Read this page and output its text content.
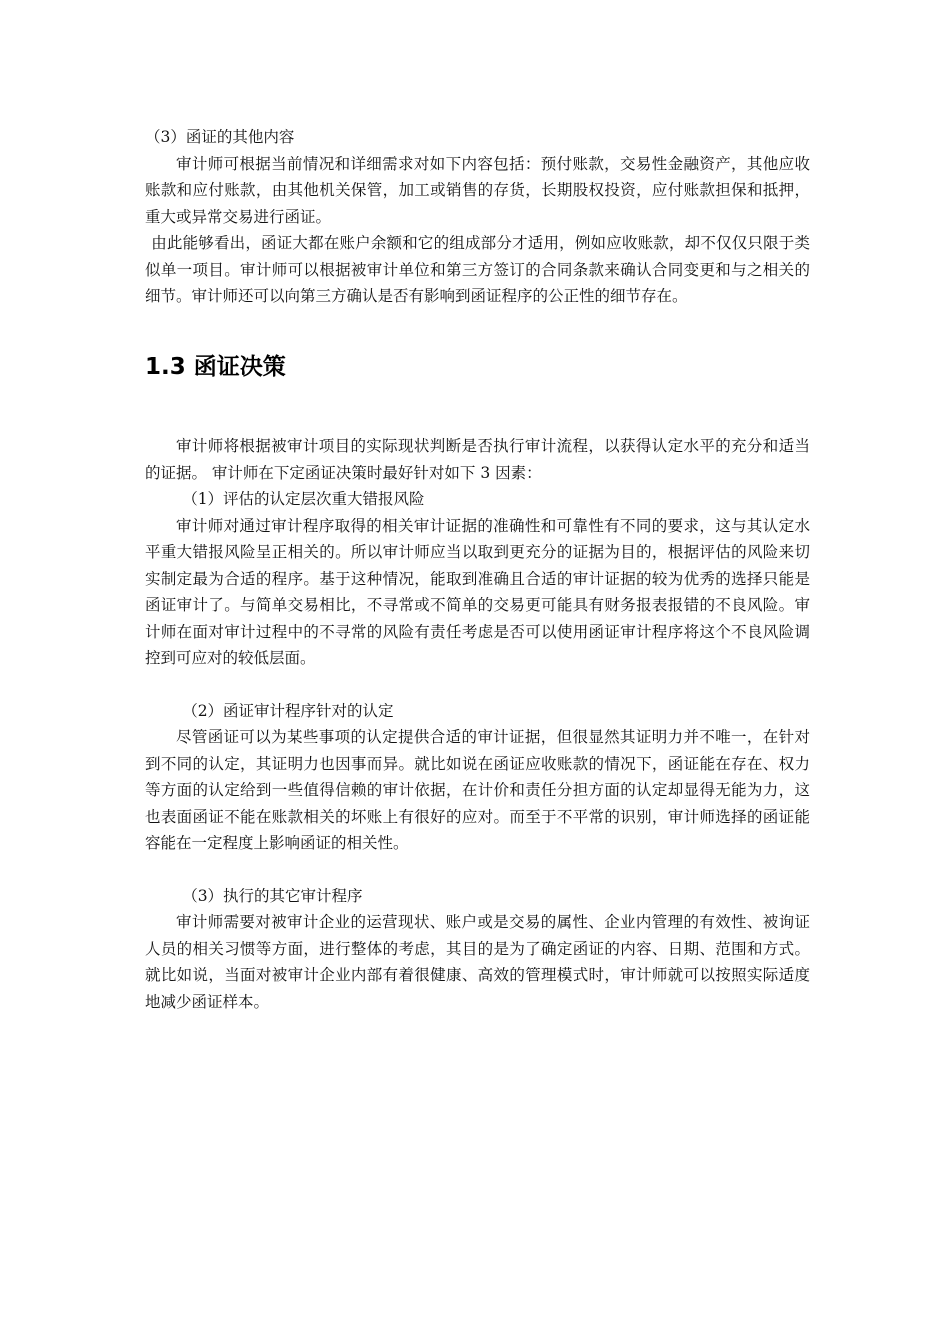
（3）函证的其他内容

审计师可根据当前情况和详细需求对如下内容包括：预付账款，交易性金融资产，其他应收账款和应付账款，由其他机关保管，加工或销售的存货，长期股权投资，应付账款担保和抵押，重大或异常交易进行函证。

由此能够看出，函证大都在账户余额和它的组成部分才适用，例如应收账款，却不仅仅只限于类似单一项目。审计师可以根据被审计单位和第三方签订的合同条款来确认合同变更和与之相关的细节。审计师还可以向第三方确认是否有影响到函证程序的公正性的细节存在。

1.3 函证决策

审计师将根据被审计项目的实际现状判断是否执行审计流程，以获得认定水平的充分和适当的证据。 审计师在下定函证决策时最好针对如下 3 因素：

（1）评估的认定层次重大错报风险

审计师对通过审计程序取得的相关审计证据的准确性和可靠性有不同的要求，这与其认定水平重大错报风险呈正相关的。所以审计师应当以取到更充分的证据为目的，根据评估的风险来切实制定最为合适的程序。基于这种情况，能取到准确且合适的审计证据的较为优秀的选择只能是函证审计了。与简单交易相比，不寻常或不简单的交易更可能具有财务报表报错的不良风险。审计师在面对审计过程中的不寻常的风险有责任考虑是否可以使用函证审计程序将这个不良风险调控到可应对的较低层面。

（2）函证审计程序针对的认定

尽管函证可以为某些事项的认定提供合适的审计证据，但很显然其证明力并不唯一，在针对到不同的认定，其证明力也因事而异。就比如说在函证应收账款的情况下，函证能在存在、权力等方面的认定给到一些值得信赖的审计依据，在计价和责任分担方面的认定却显得无能为力，这也表面函证不能在账款相关的坏账上有很好的应对。而至于不平常的识别，审计师选择的函证能容能在一定程度上影响函证的相关性。

（3）执行的其它审计程序

审计师需要对被审计企业的运营现状、账户或是交易的属性、企业内管理的有效性、被询证人员的相关习惯等方面，进行整体的考虑，其目的是为了确定函证的内容、日期、范围和方式。就比如说，当面对被审计企业内部有着很健康、高效的管理模式时，审计师就可以按照实际适度地减少函证样本。
